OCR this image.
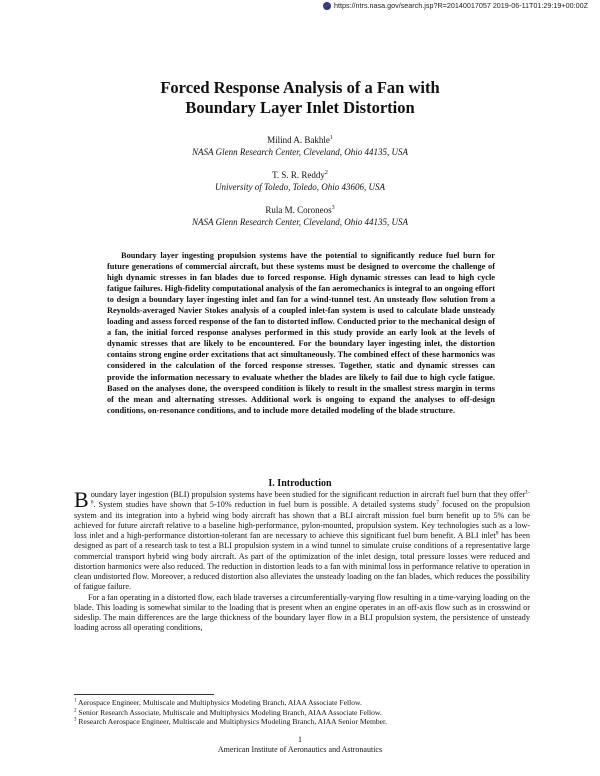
https://ntrs.nasa.gov/search.jsp?R=20140017057 2019-06-11T01:29:19+00:00Z
Forced Response Analysis of a Fan with
Boundary Layer Inlet Distortion
Milind A. Bakhle$^1$
NASA Glenn Research Center, Cleveland, Ohio 44135, USA
T. S. R. Reddy$^2$
University of Toledo, Toledo, Ohio 43606, USA
Rula M. Coroneos$^3$
NASA Glenn Research Center, Cleveland, Ohio 44135, USA

Boundary layer ingesting propulsion systems have the potential to significantly reduce fuel burn for future generations of commercial aircraft, but these systems must be designed to overcome the challenge of high dynamic stresses in fan blades due to forced response. High dynamic stresses can lead to high cycle fatigue failures. High-fidelity computational analysis of the fan aeromechanics is integral to an ongoing effort to design a boundary layer ingesting inlet and fan for a wind-tunnel test. An unsteady flow solution from a Reynolds-averaged Navier Stokes analysis of a coupled inlet-fan system is used to calculate blade unsteady loading and assess forced response of the fan to distorted inflow. Conducted prior to the mechanical design of a fan, the initial forced response analyses performed in this study provide an early look at the levels of dynamic stresses that are likely to be encountered. For the boundary layer ingesting inlet, the distortion contains strong engine order excitations that act simultaneously. The combined effect of these harmonics was considered in the calculation of the forced response stresses. Together, static and dynamic stresses can provide the information necessary to evaluate whether the blades are likely to fail due to high cycle fatigue. Based on the analyses done, the overspeed condition is likely to result in the smallest stress margin in terms of the mean and alternating stresses. Additional work is ongoing to expand the analyses to off-design conditions, on-resonance conditions, and to include more detailed modeling of the blade structure.

I. Introduction

Boundary layer ingestion (BLI) propulsion systems have been studied for the significant reduction in aircraft fuel burn that they offer$^{1-6}$. System studies have shown that 5-10% reduction in fuel burn is possible. A detailed systems study$^7$ focused on the propulsion system and its integration into a hybrid wing body aircraft has shown that a BLI aircraft mission fuel burn benefit up to 5% can be achieved for future aircraft relative to a baseline high-performance, pylon-mounted, propulsion system. Key technologies such as a low-loss inlet and a high-performance distortion-tolerant fan are necessary to achieve this significant fuel burn benefit. A BLI inlet$^8$ has been designed as part of a research task to test a BLI propulsion system in a wind tunnel to simulate cruise conditions of a representative large commercial transport hybrid wing body aircraft. As part of the optimization of the inlet design, total pressure losses were reduced and distortion harmonics were also reduced. The reduction in distortion leads to a fan with minimal loss in performance relative to operation in clean undistorted flow. Moreover, a reduced distortion also alleviates the unsteady loading on the fan blades, which reduces the possibility of fatigue failure.

For a fan operating in a distorted flow, each blade traverses a circumferentially-varying flow resulting in a time-varying loading on the blade. This loading is somewhat similar to the loading that is present when an engine operates in an off-axis flow such as in crosswind or sideslip. The main differences are the large thickness of the boundary layer flow in a BLI propulsion system, the persistence of unsteady loading across all operating conditions,

$^1$ Aerospace Engineer, Multiscale and Multiphysics Modeling Branch, AIAA Associate Fellow.
$^2$ Senior Research Associate, Multiscale and Multiphysics Modeling Branch, AIAA Associate Fellow.
$^3$ Research Aerospace Engineer, Multiscale and Multiphysics Modeling Branch, AIAA Senior Member.
1
American Institute of Aeronautics and Astronautics
